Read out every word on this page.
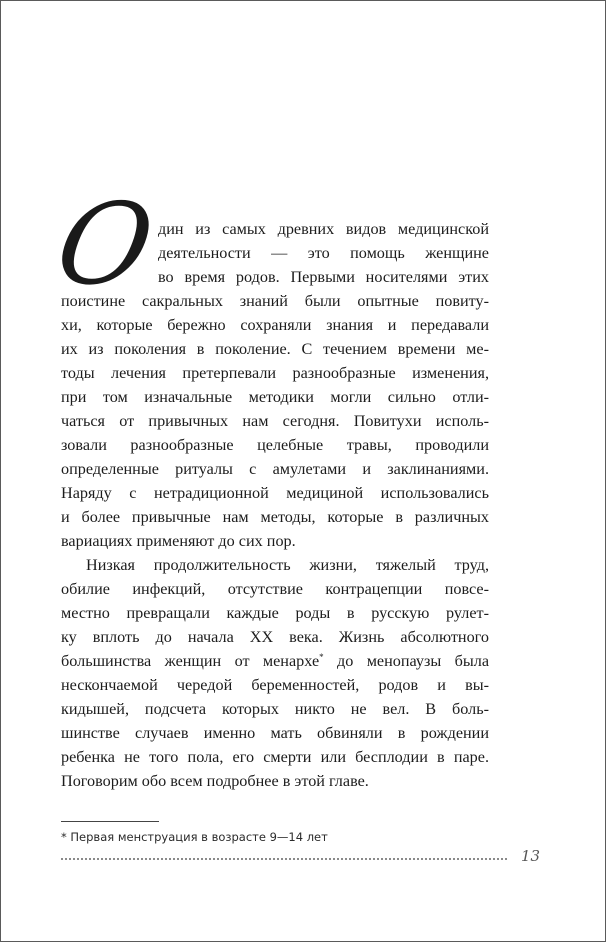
О
дин из самых древних видов медицинской
деятельности — это помощь женщине
во время родов. Первыми носителями этих
поистине сакральных знаний были опытные повиту-
хи, которые бережно сохраняли знания и передавали
их из поколения в поколение. С течением времени ме-
тоды лечения претерпевали разнообразные изменения,
при том изначальные методики могли сильно отли-
чаться от привычных нам сегодня. Повитухи исполь-
зовали разнообразные целебные травы, проводили
определенные ритуалы с амулетами и заклинаниями.
Наряду с нетрадиционной медициной использовались
и более привычные нам методы, которые в различных
вариациях применяют до сих пор.
Низкая продолжительность жизни, тяжелый труд,
обилие инфекций, отсутствие контрацепции повсе-
местно превращали каждые роды в русскую рулет-
ку вплоть до начала XX века. Жизнь абсолютного
большинства женщин от менархе* до менопаузы была
нескончаемой чередой беременностей, родов и вы-
кидышей, подсчета которых никто не вел. В боль-
шинстве случаев именно мать обвиняли в рождении
ребенка не того пола, его смерти или бесплодии в паре.
Поговорим обо всем подробнее в этой главе.
* Первая менструация в возрасте 9—14 лет
13
